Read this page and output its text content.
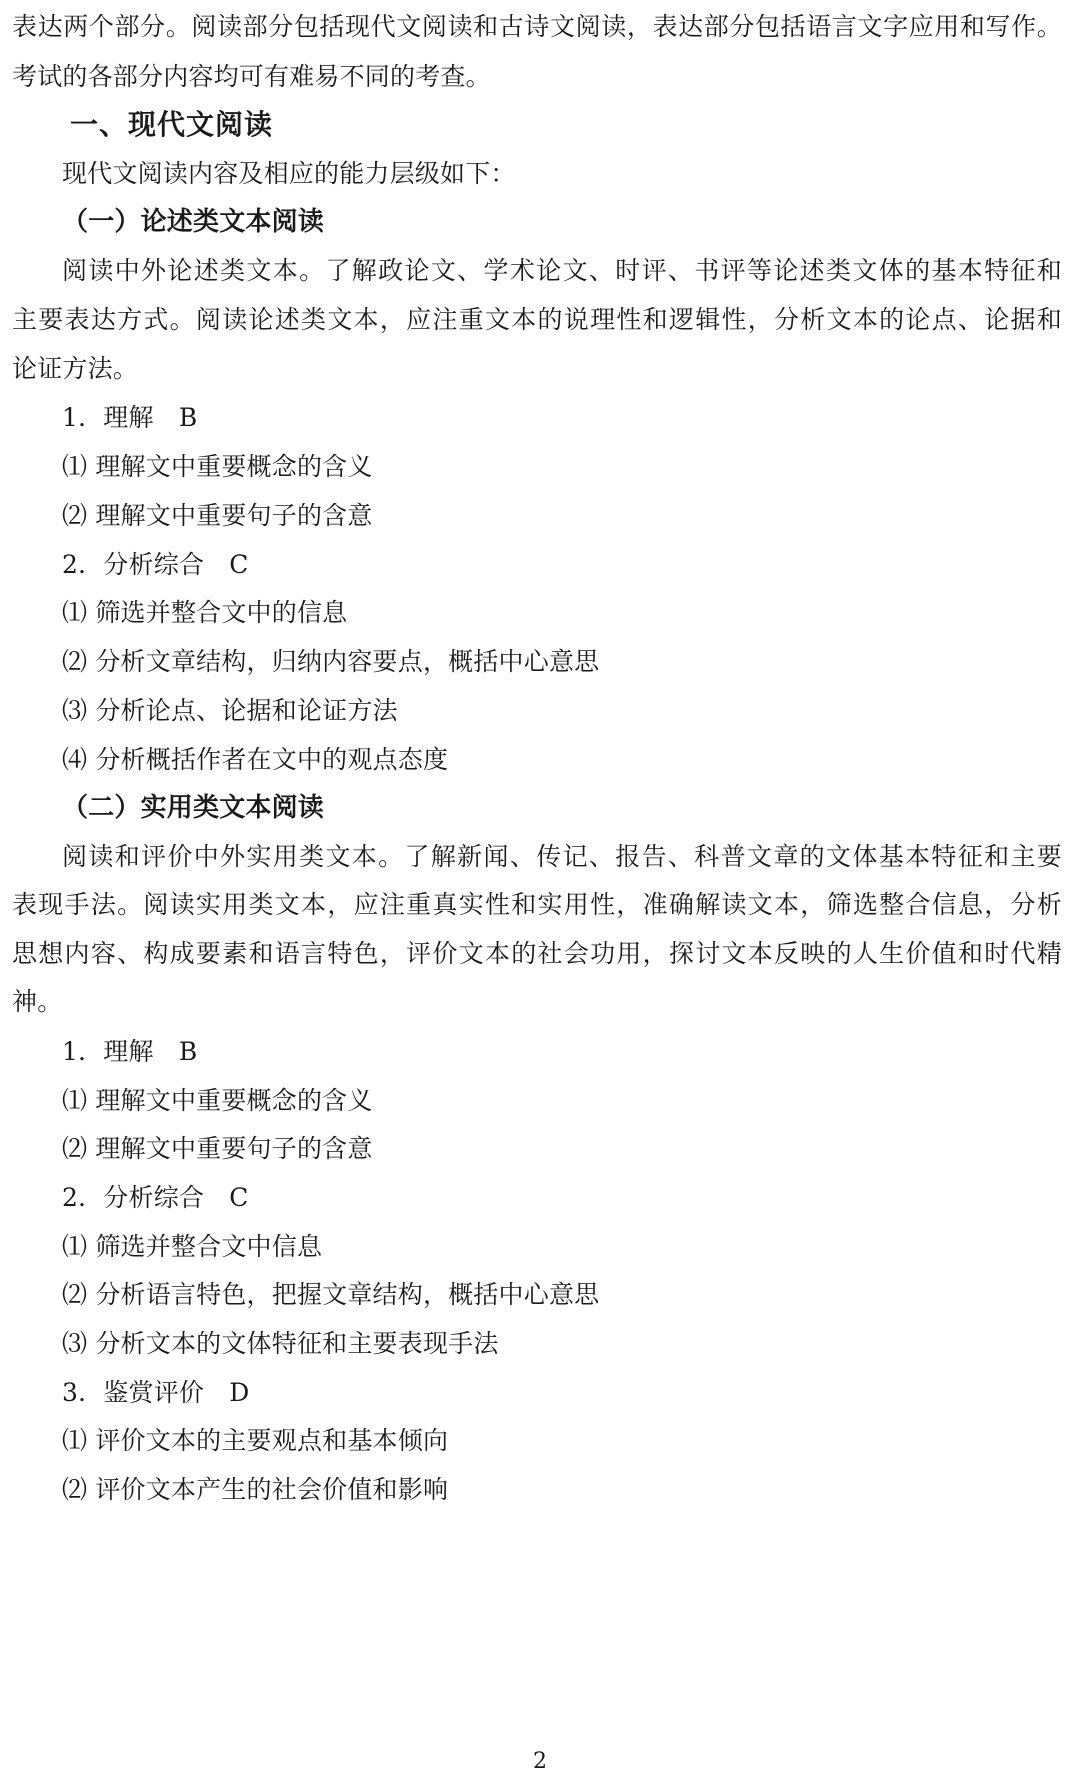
表达两个部分。阅读部分包括现代文阅读和古诗文阅读，表达部分包括语言文字应用和写作。
考试的各部分内容均可有难易不同的考查。
一、现代文阅读
现代文阅读内容及相应的能力层级如下：
（一）论述类文本阅读
阅读中外论述类文本。了解政论文、学术论文、时评、书评等论述类文体的基本特征和
主要表达方式。阅读论述类文本，应注重文本的说理性和逻辑性，分析文本的论点、论据和
论证方法。
1．理解　B
⑴ 理解文中重要概念的含义
⑵ 理解文中重要句子的含意
2．分析综合　C
⑴ 筛选并整合文中的信息
⑵ 分析文章结构，归纳内容要点，概括中心意思
⑶ 分析论点、论据和论证方法
⑷ 分析概括作者在文中的观点态度
（二）实用类文本阅读
阅读和评价中外实用类文本。了解新闻、传记、报告、科普文章的文体基本特征和主要
表现手法。阅读实用类文本，应注重真实性和实用性，准确解读文本，筛选整合信息，分析
思想内容、构成要素和语言特色，评价文本的社会功用，探讨文本反映的人生价值和时代精
神。
1．理解　B
⑴ 理解文中重要概念的含义
⑵ 理解文中重要句子的含意
2．分析综合　C
⑴ 筛选并整合文中信息
⑵ 分析语言特色，把握文章结构，概括中心意思
⑶ 分析文本的文体特征和主要表现手法
3．鉴赏评价　D
⑴ 评价文本的主要观点和基本倾向
⑵ 评价文本产生的社会价值和影响
2
